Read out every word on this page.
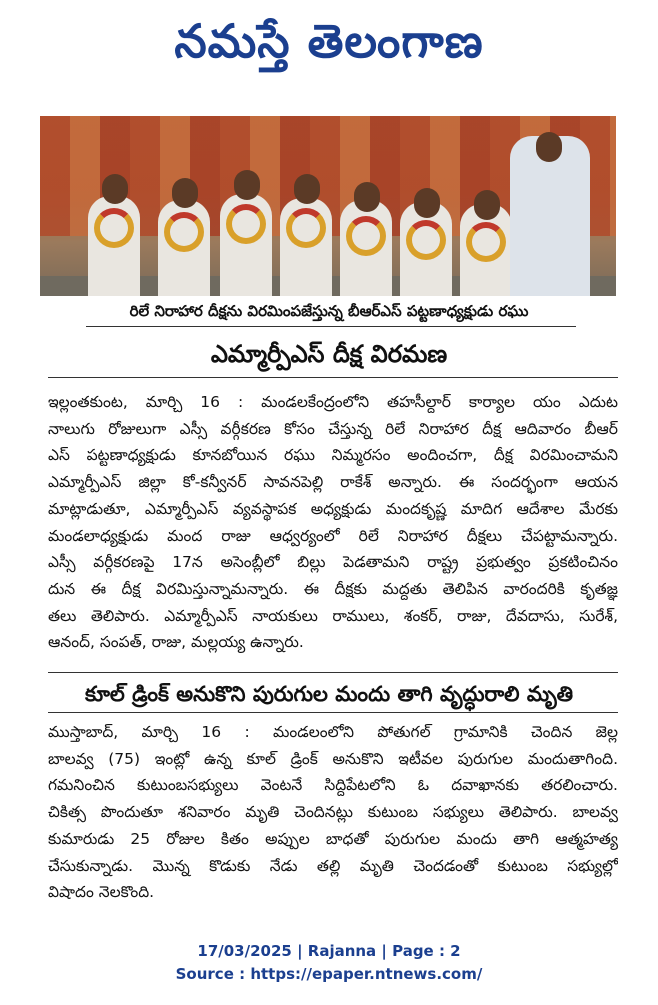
నమస్తే తెలంగాణ
రిలే నిరాహార దీక్షను విరమింపజేస్తున్న బీఆర్ఎస్ పట్టణాధ్యక్షుడు రఘు
ఎమ్మార్పీఎస్ దీక్ష విరమణ
ఇల్లంతకుంట, మార్చి 16 : మండలకేంద్రంలోని తహసీల్దార్ కార్యాల యం ఎదుట
నాలుగు రోజులుగా ఎస్సీ వర్గీకరణ కోసం చేస్తున్న రిలే నిరాహార దీక్ష ఆదివారం బీఆర్
ఎస్ పట్టణాధ్యక్షుడు కూనబోయిన రఘు నిమ్మరసం అందించగా, దీక్ష విరమించామని
ఎమ్మార్పీఎస్ జిల్లా కో-కన్వీనర్ సావనపెల్లి రాకేశ్ అన్నారు. ఈ సందర్భంగా ఆయన
మాట్లాడుతూ, ఎమ్మార్పీఎస్ వ్యవస్థాపక అధ్యక్షుడు మందకృష్ణ మాదిగ ఆదేశాల మేరకు
మండలాధ్యక్షుడు మంద రాజు ఆధ్వర్యంలో రిలే నిరాహార దీక్షలు చేపట్టామన్నారు.
ఎస్సీ వర్గీకరణపై 17న అసెంబ్లీలో బిల్లు పెడతామని రాష్ట్ర ప్రభుత్వం ప్రకటించినం
దున ఈ దీక్ష విరమిస్తున్నామన్నారు. ఈ దీక్షకు మద్దతు తెలిపిన వారందరికి కృతజ్ఞ
తలు తెలిపారు. ఎమ్మార్పీఎస్ నాయకులు రాములు, శంకర్, రాజు, దేవదాసు, సురేశ్,
ఆనంద్, సంపత్, రాజు, మల్లయ్య ఉన్నారు.
కూల్ డ్రింక్ అనుకొని పురుగుల మందు తాగి వృద్ధురాలి మృతి
ముస్తాబాద్, మార్చి 16 : మండలంలోని పోతుగల్ గ్రామానికి చెందిన జెల్ల
బాలవ్వ (75) ఇంట్లో ఉన్న కూల్ డ్రింక్ అనుకొని ఇటీవల పురుగుల మందుతాగింది.
గమనించిన కుటుంబసభ్యులు వెంటనే సిద్దిపేటలోని ఓ దవాఖానకు తరలించారు.
చికిత్స పొందుతూ శనివారం మృతి చెందినట్లు కుటుంబ సభ్యులు తెలిపారు. బాలవ్వ
కుమారుడు 25 రోజుల కితం అప్పుల బాధతో పురుగుల మందు తాగి ఆత్మహత్య
చేసుకున్నాడు. మొన్న కొడుకు నేడు తల్లి మృతి చెందడంతో కుటుంబ సభ్యుల్లో
విషాదం నెలకొంది.
17/03/2025 | Rajanna | Page : 2
Source : https://epaper.ntnews.com/
